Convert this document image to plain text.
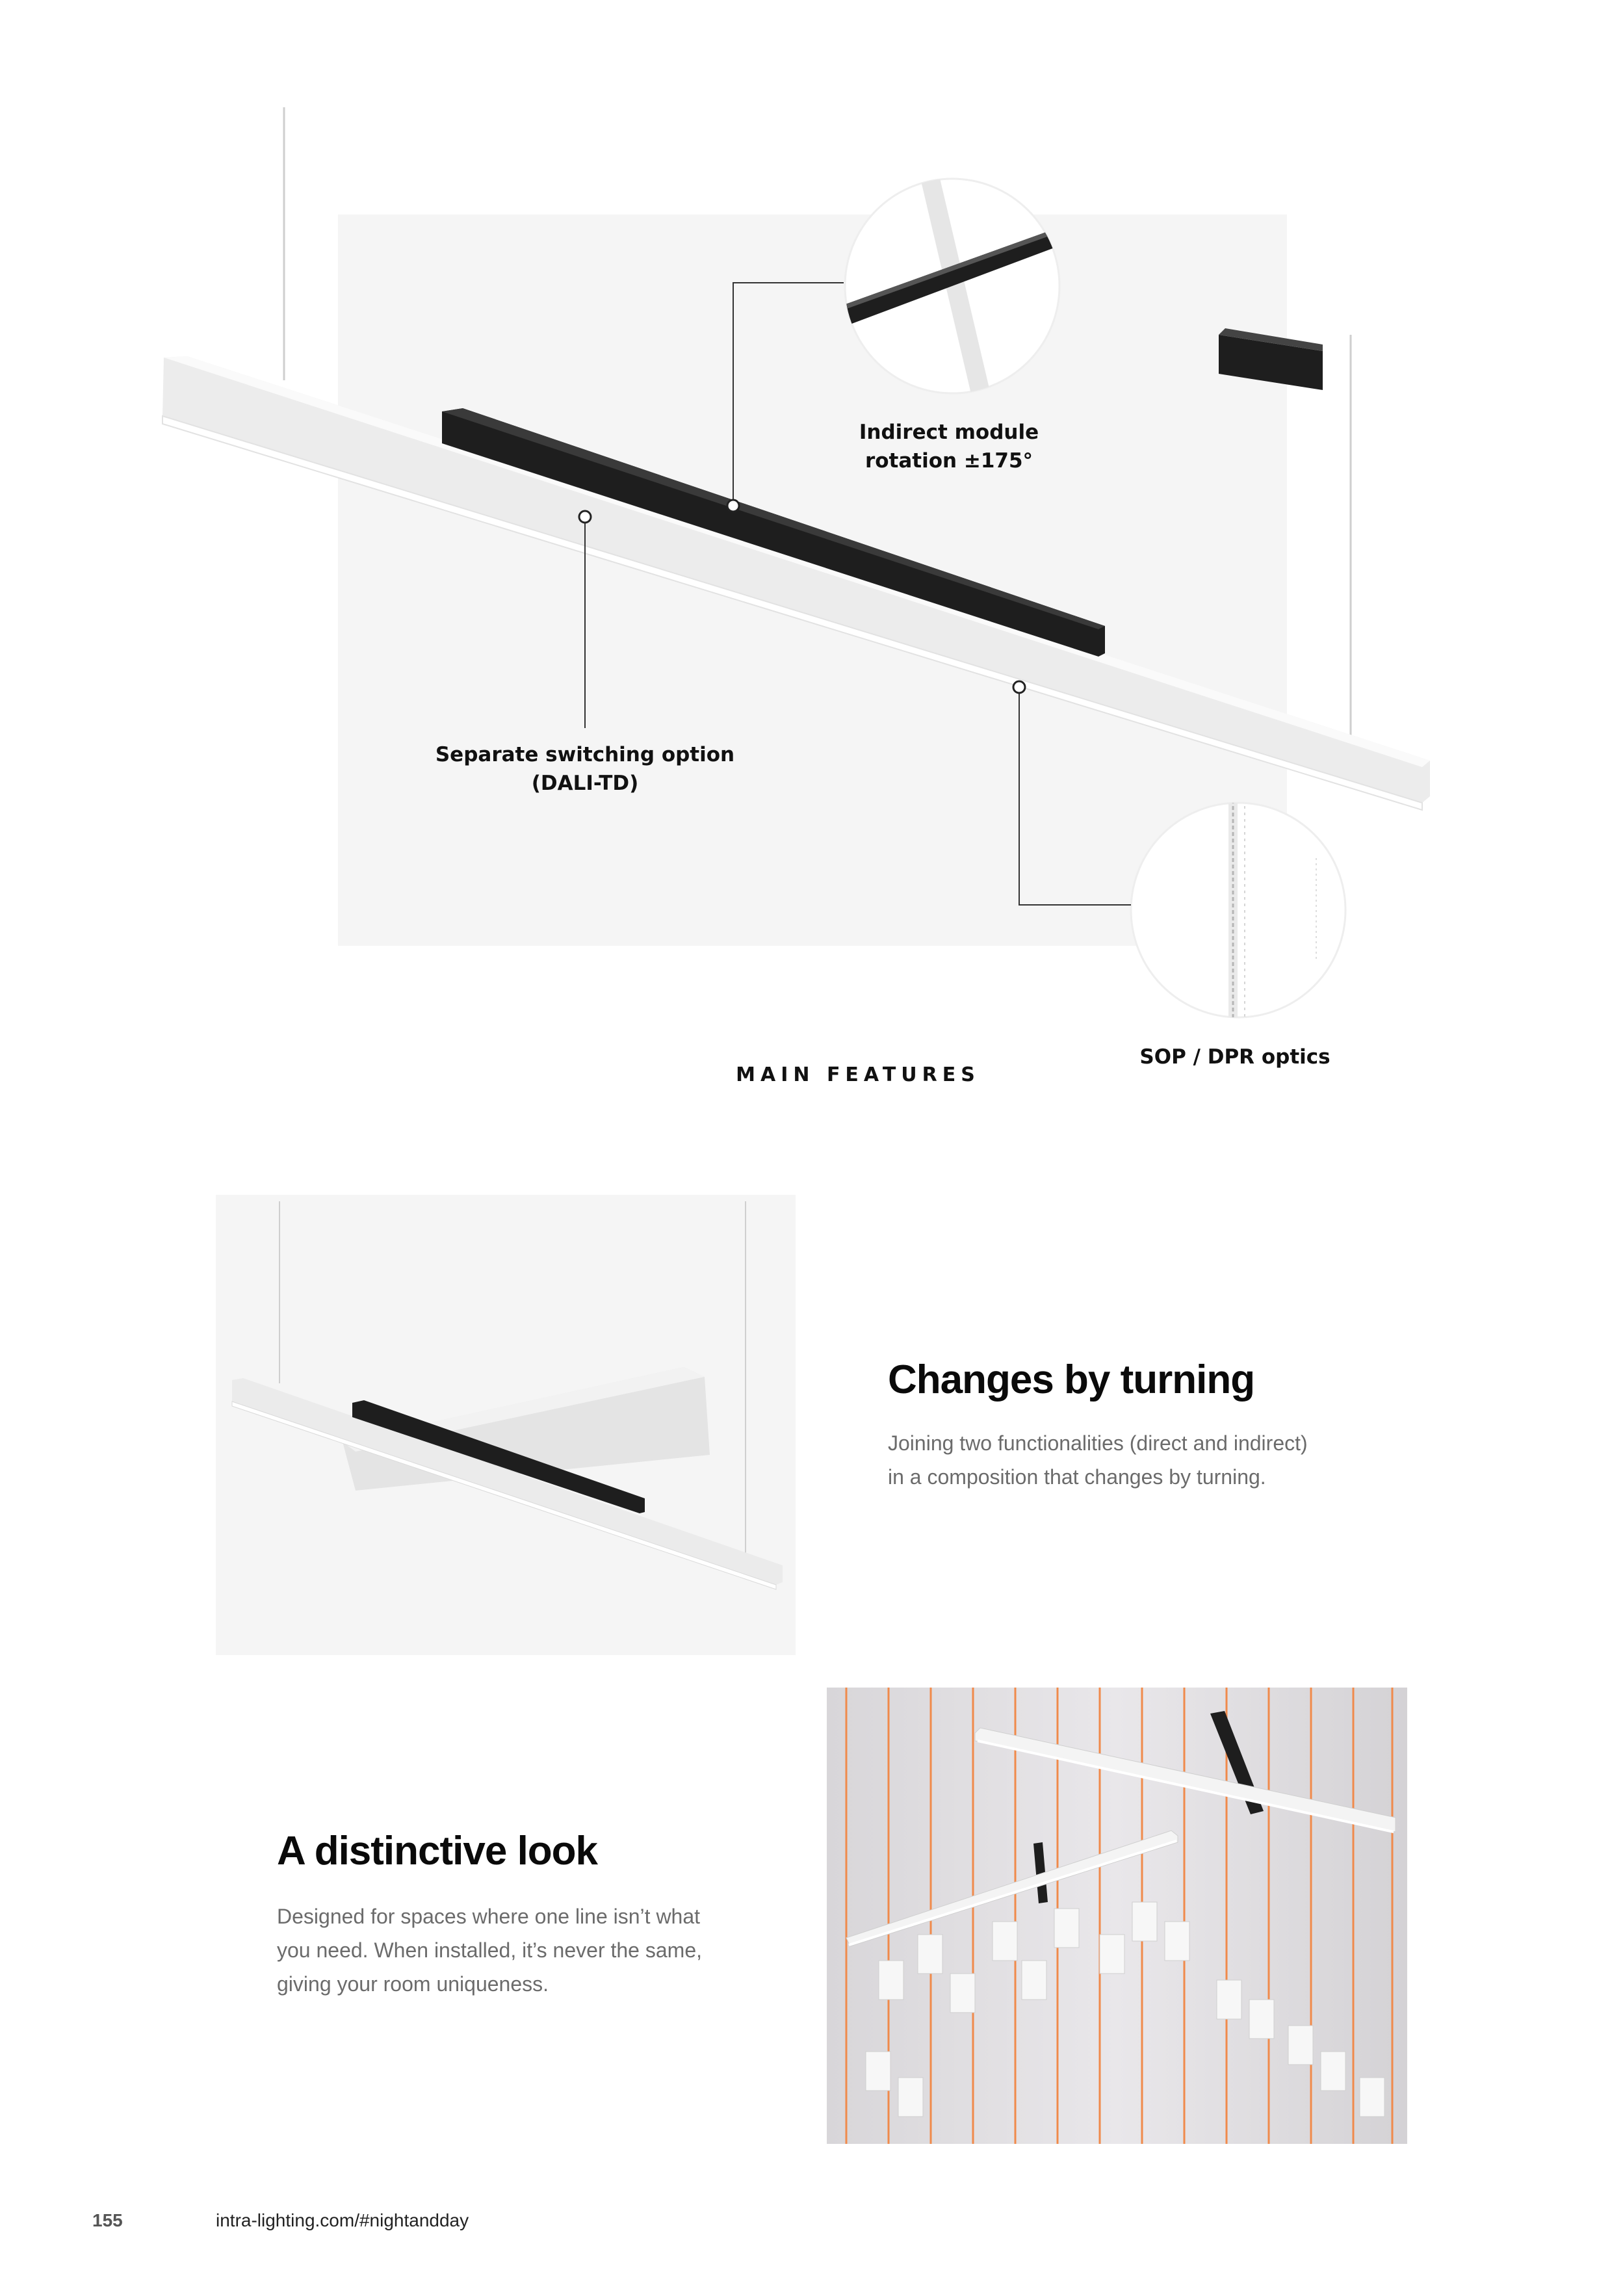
Indirect module
rotation ±175°
Separate switching option
(DALI-TD)
SOP / DPR optics
MAIN FEATURES
Changes by turning
Joining two functionalities (direct and indirect)
in a composition that changes by turning.
A distinctive look
Designed for spaces where one line isn’t what
you need. When installed, it’s never the same,
giving your room uniqueness.
155	intra-lighting.com/#nightandday
